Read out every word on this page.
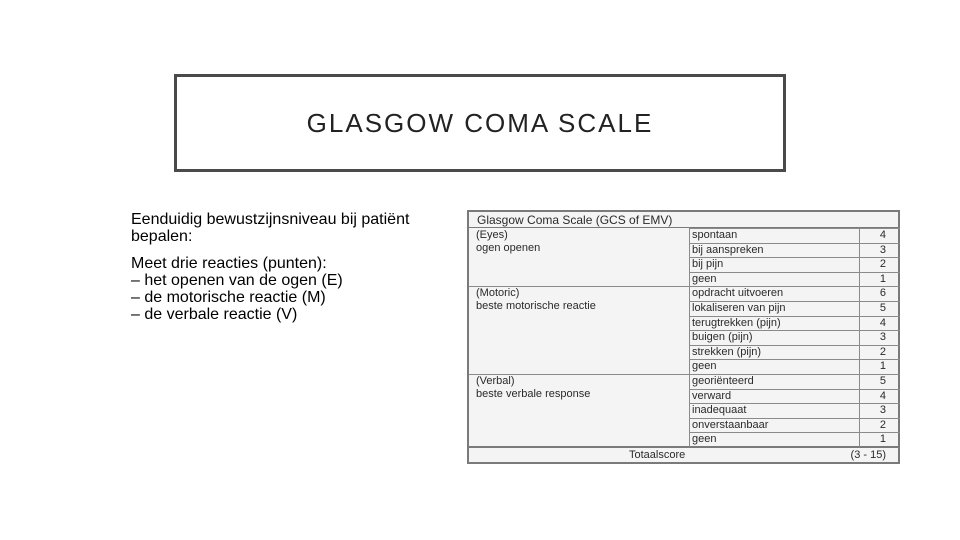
GLASGOW COMA SCALE

Eenduidig bewustzijnsniveau bij patiënt bepalen:

Meet drie reacties (punten):
– het openen van de ogen (E)
– de motorische reactie (M)
– de verbale reactie (V)

Glasgow Coma Scale (GCS of EMV)
Totaalscore	(3 - 15)
(Eyes)
ogen openen
spontaan	4
bij aanspreken	3
bij pijn	2
geen	1
(Motoric)
beste motorische reactie
opdracht uitvoeren	6
lokaliseren van pijn	5
terugtrekken (pijn)	4
buigen (pijn)	3
strekken (pijn)	2
geen	1
(Verbal)
beste verbale response
georiënteerd	5
verward	4
inadequaat	3
onverstaanbaar	2
geen	1
